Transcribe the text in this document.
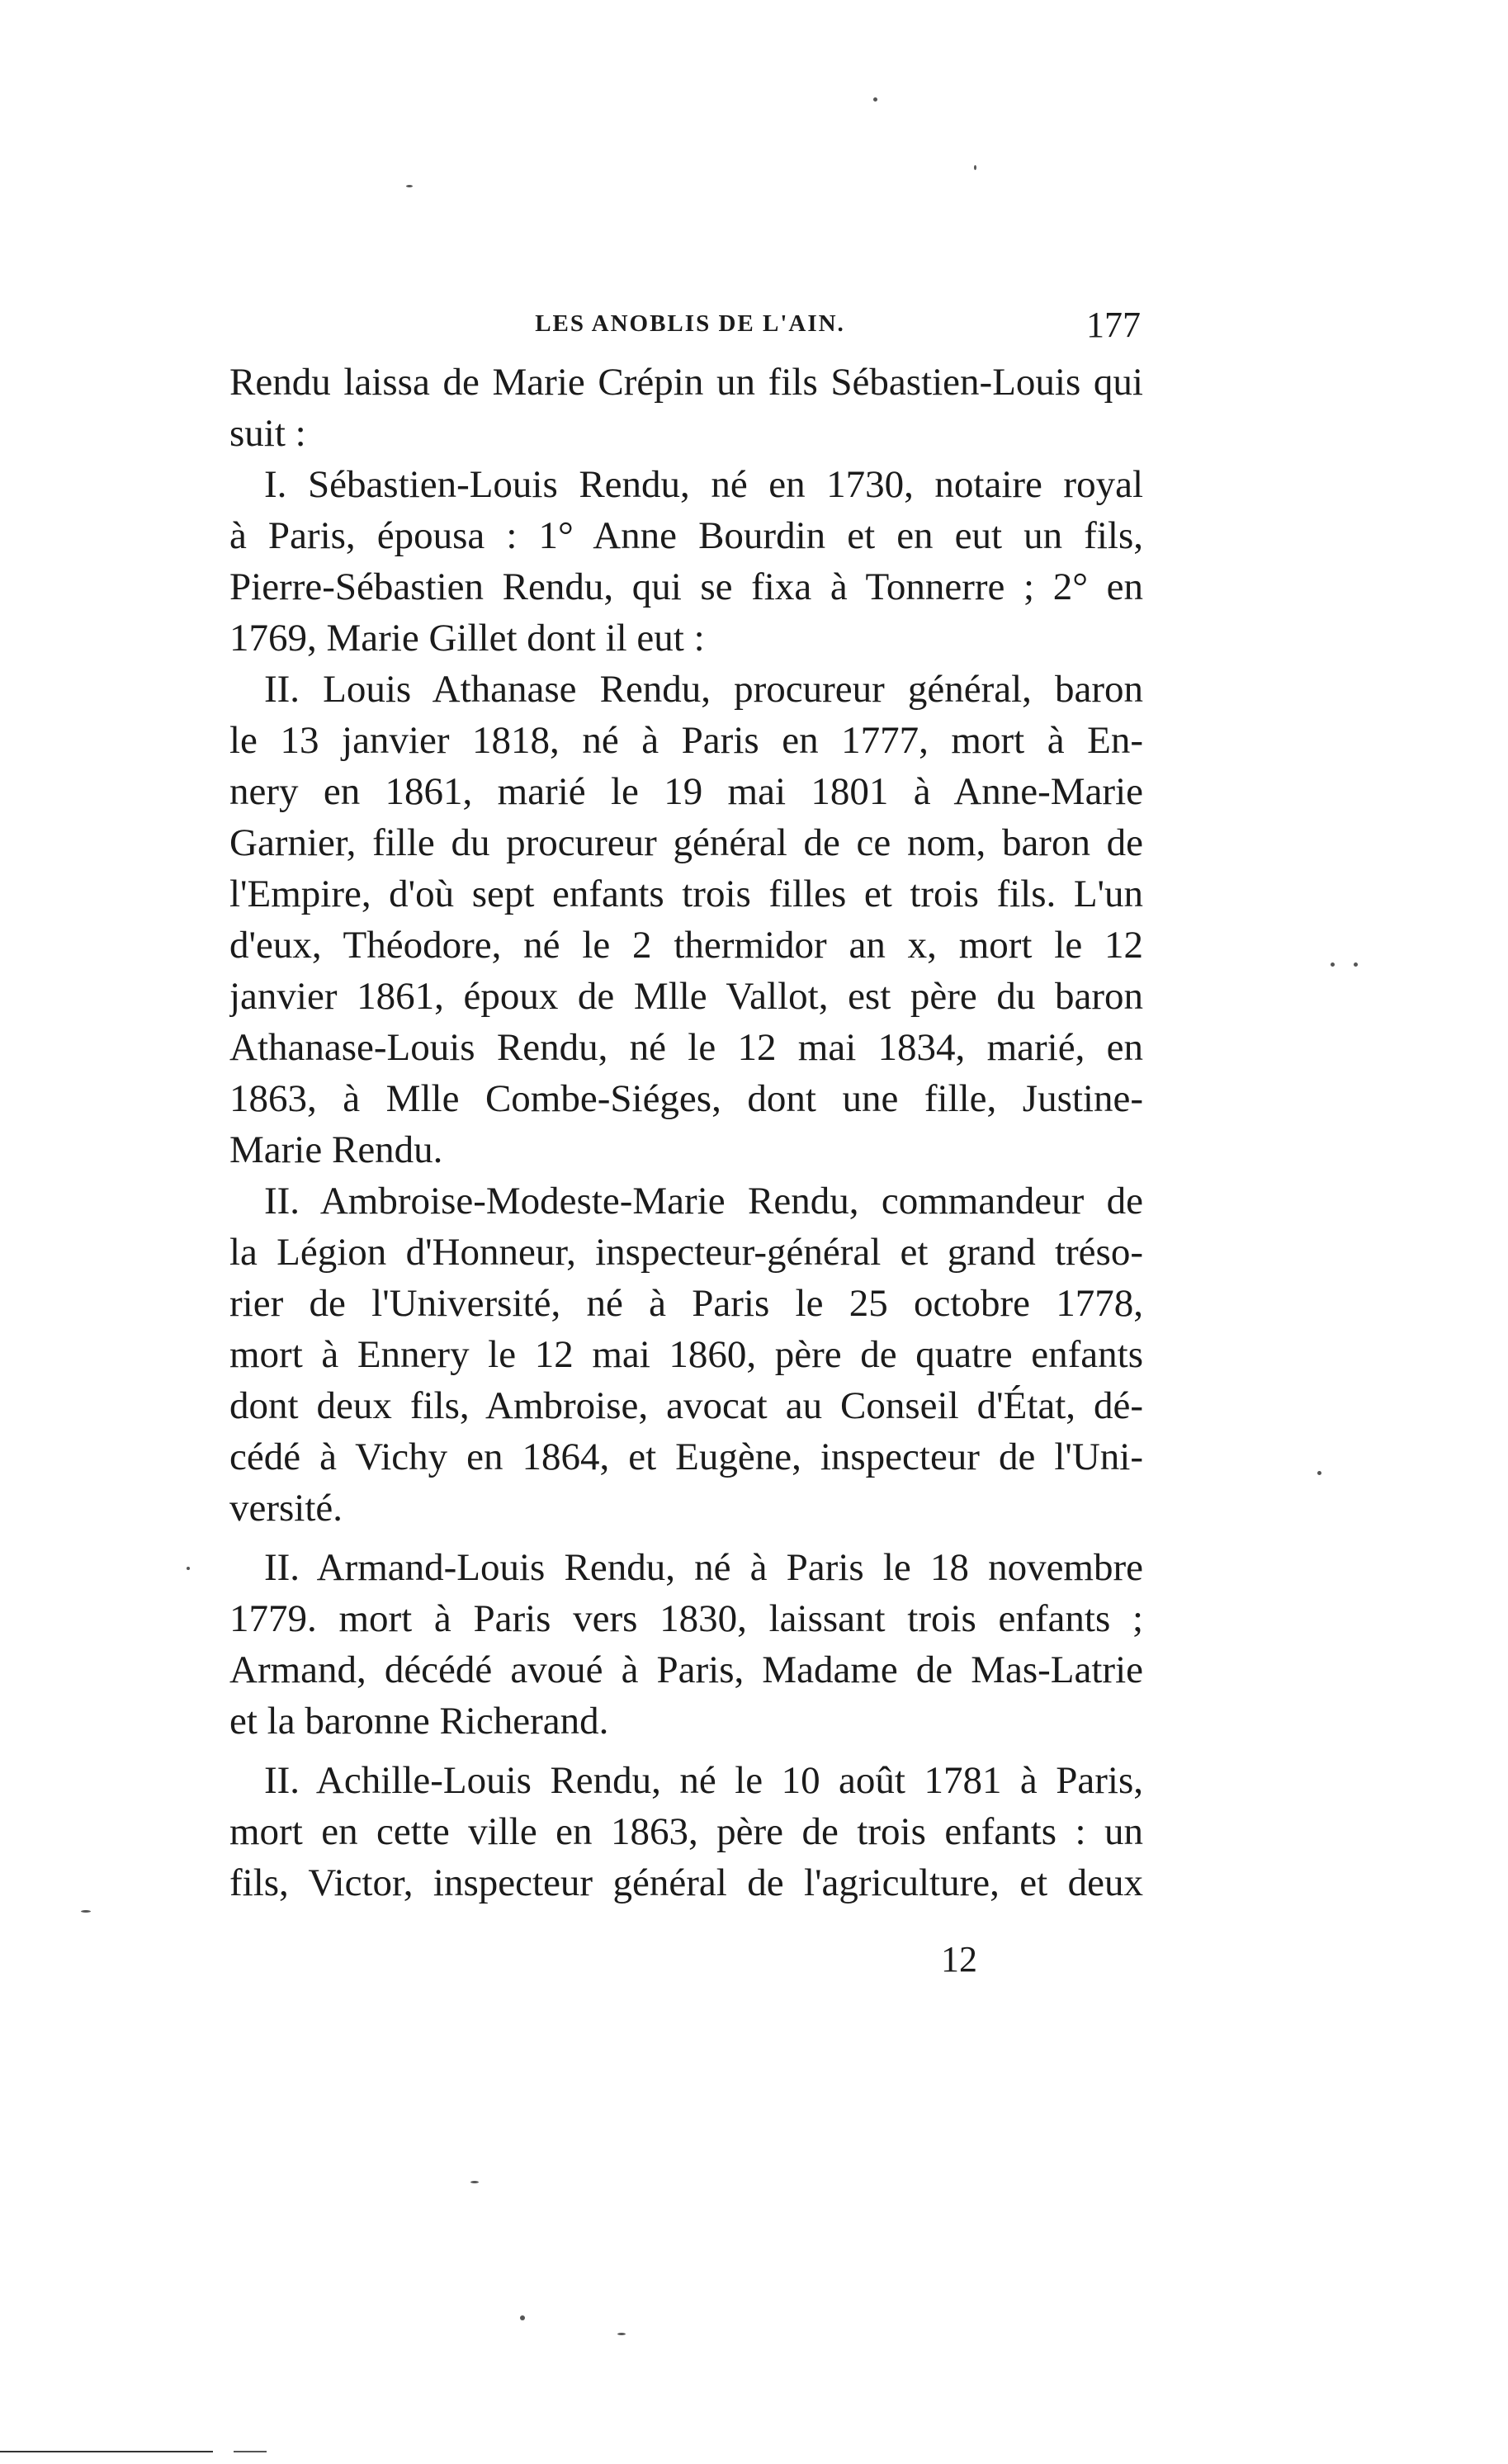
LES ANOBLIS DE L'AIN.	177
Rendu laissa de Marie Crépin un fils Sébastien-Louis qui
suit :
I. Sébastien-Louis Rendu, né en 1730, notaire royal
à Paris, épousa : 1° Anne Bourdin et en eut un fils,
Pierre-Sébastien Rendu, qui se fixa à Tonnerre ; 2° en
1769, Marie Gillet dont il eut :
II. Louis Athanase Rendu, procureur général, baron
le 13 janvier 1818, né à Paris en 1777, mort à En-
nery en 1861, marié le 19 mai 1801 à Anne-Marie
Garnier, fille du procureur général de ce nom, baron de
l'Empire, d'où sept enfants trois filles et trois fils. L'un
d'eux, Théodore, né le 2 thermidor an x, mort le 12
janvier 1861, époux de Mlle Vallot, est père du baron
Athanase-Louis Rendu, né le 12 mai 1834, marié, en
1863, à Mlle Combe-Siéges, dont une fille, Justine-
Marie Rendu.
II. Ambroise-Modeste-Marie Rendu, commandeur de
la Légion d'Honneur, inspecteur-général et grand tréso-
rier de l'Université, né à Paris le 25 octobre 1778,
mort à Ennery le 12 mai 1860, père de quatre enfants
dont deux fils, Ambroise, avocat au Conseil d'État, dé-
cédé à Vichy en 1864, et Eugène, inspecteur de l'Uni-
versité.
II. Armand-Louis Rendu, né à Paris le 18 novembre
1779. mort à Paris vers 1830, laissant trois enfants ;
Armand, décédé avoué à Paris, Madame de Mas-Latrie
et la baronne Richerand.
II. Achille-Louis Rendu, né le 10 août 1781 à Paris,
mort en cette ville en 1863, père de trois enfants : un
fils, Victor, inspecteur général de l'agriculture, et deux
12
